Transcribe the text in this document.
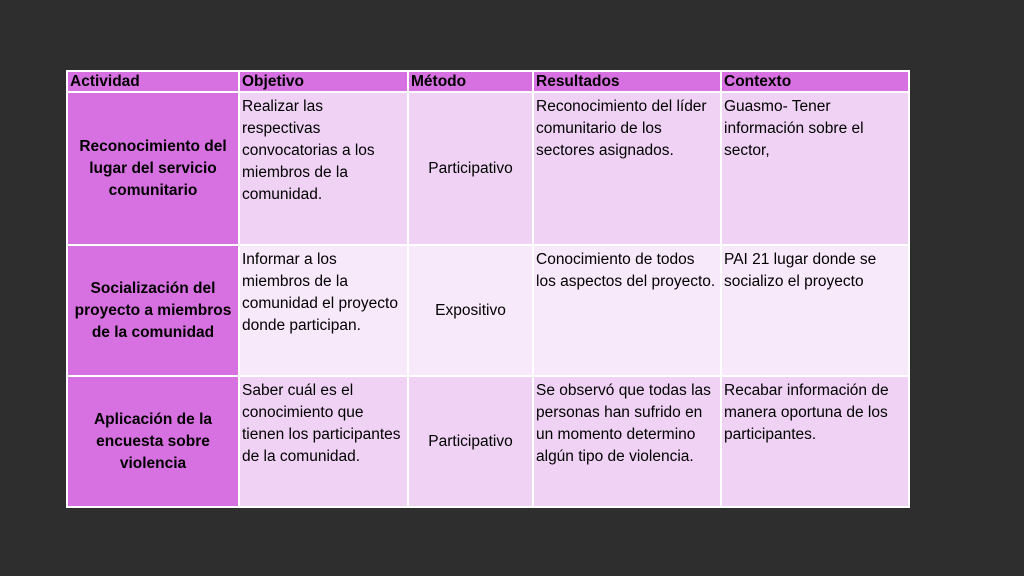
Actividad	Objetivo	Método	Resultados	Contexto
Reconocimiento del lugar del servicio comunitario	Realizar las respectivas convocatorias a los miembros de la comunidad.	Participativo	Reconocimiento del líder comunitario de los sectores asignados.	Guasmo- Tener información sobre el sector,
Socialización del proyecto a miembros de la comunidad	Informar a los miembros de la comunidad el proyecto donde participan.	Expositivo	Conocimiento de todos los aspectos del proyecto.	PAI 21 lugar donde se socializo el proyecto
Aplicación de la encuesta sobre violencia	Saber cuál es el conocimiento que tienen los participantes de la comunidad.	Participativo	Se observó que todas las personas han sufrido en un momento determino algún tipo de violencia.	Recabar información de manera oportuna de los participantes.
